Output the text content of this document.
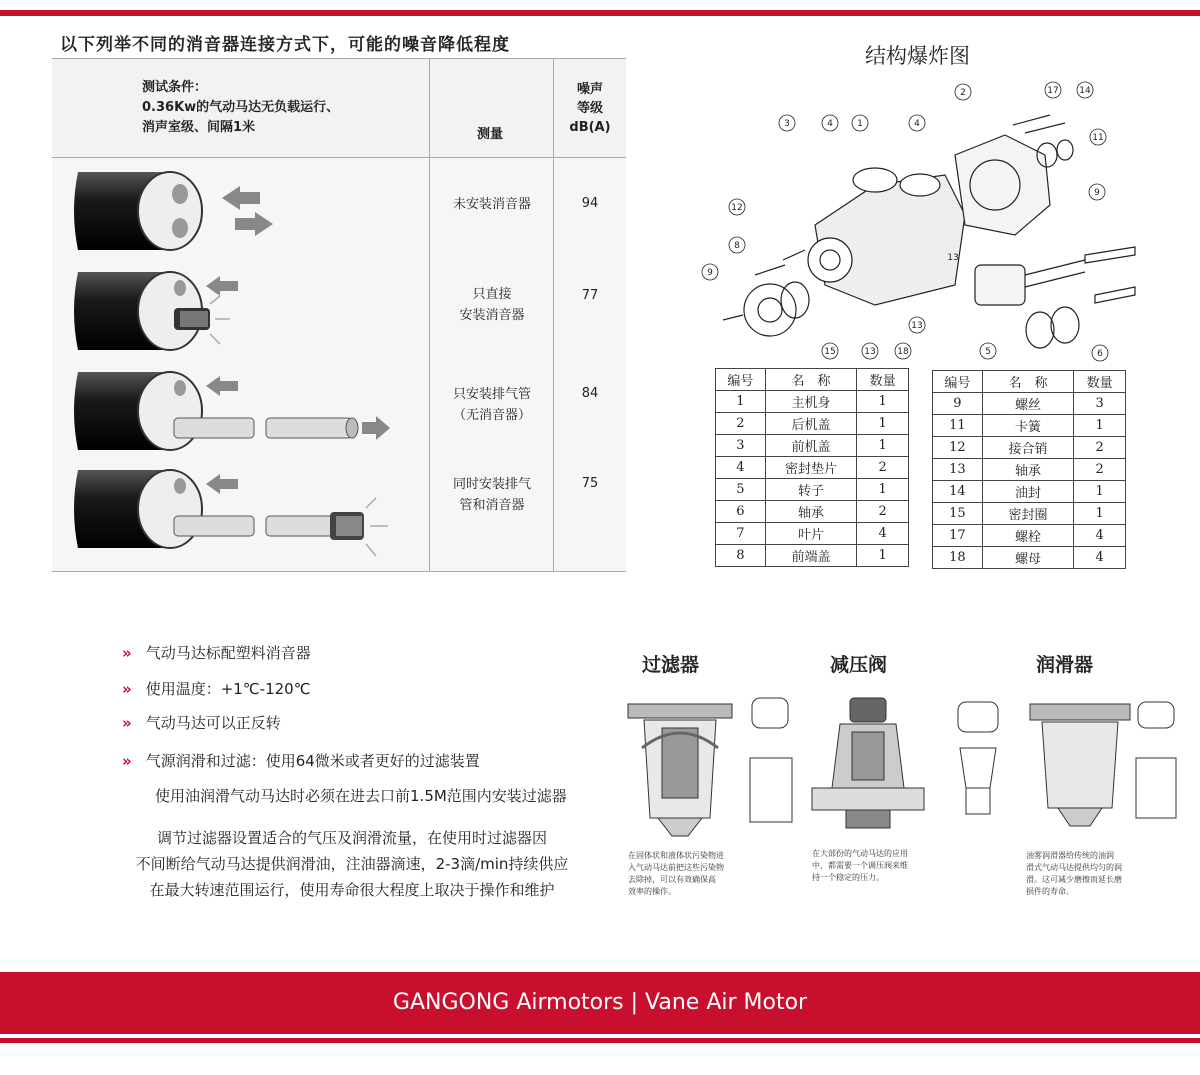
以下列举不同的消音器连接方式下，可能的噪音降低程度
测试条件：
0.36Kw的气动马达无负载运行、
消声室级、间隔1米	测量
噪声
等级
dB(A)
未安装消音器	94
只直接
安装消音器
77
只安装排气管
（无消音器）
84
同时安装排气
管和消音器
75
结构爆炸图
3	4	1	4
2	17 14
11
9
12
8
9
13
15	13 18	5	6
13
编号	名　称	数量
1	主机身	1
2	后机盖	1
3	前机盖	1
4	密封垫片	2
5	转子	1
6	轴承	2
7	叶片	4
8	前端盖	1
编号	名　称	数量
9	螺丝	3
11	卡簧	1
12	接合销	2
13	轴承	2
14	油封	1
15	密封圈	1
17	螺栓	4
18	螺母	4
» 气动马达标配塑料消音器
» 使用温度：+1℃-120℃
» 气动马达可以正反转
» 气源润滑和过滤：使用64微米或者更好的过滤装置
使用油润滑气动马达时必须在进去口前1.5M范围内安装过滤器
调节过滤器设置适合的气压及润滑流量，在使用时过滤器因
不间断给气动马达提供润滑油，注油器滴速，2-3滴/min持续供应
在最大转速范围运行，使用寿命很大程度上取决于操作和维护
过滤器
在固体状和液体状污染物进
入气动马达前把这些污染物
去除掉，可以有效确保高
效率的操作。
减压阀
在大部份的气动马达的应用
中，都需要一个调压阀来维
持一个稳定的压力。
润滑器
油雾润滑器给传统的油润
滑式气动马达提供均匀的润
滑。这可减少磨擦而延长磨
损件的寿命。
GANGONG Airmotors | Vane Air Motor
